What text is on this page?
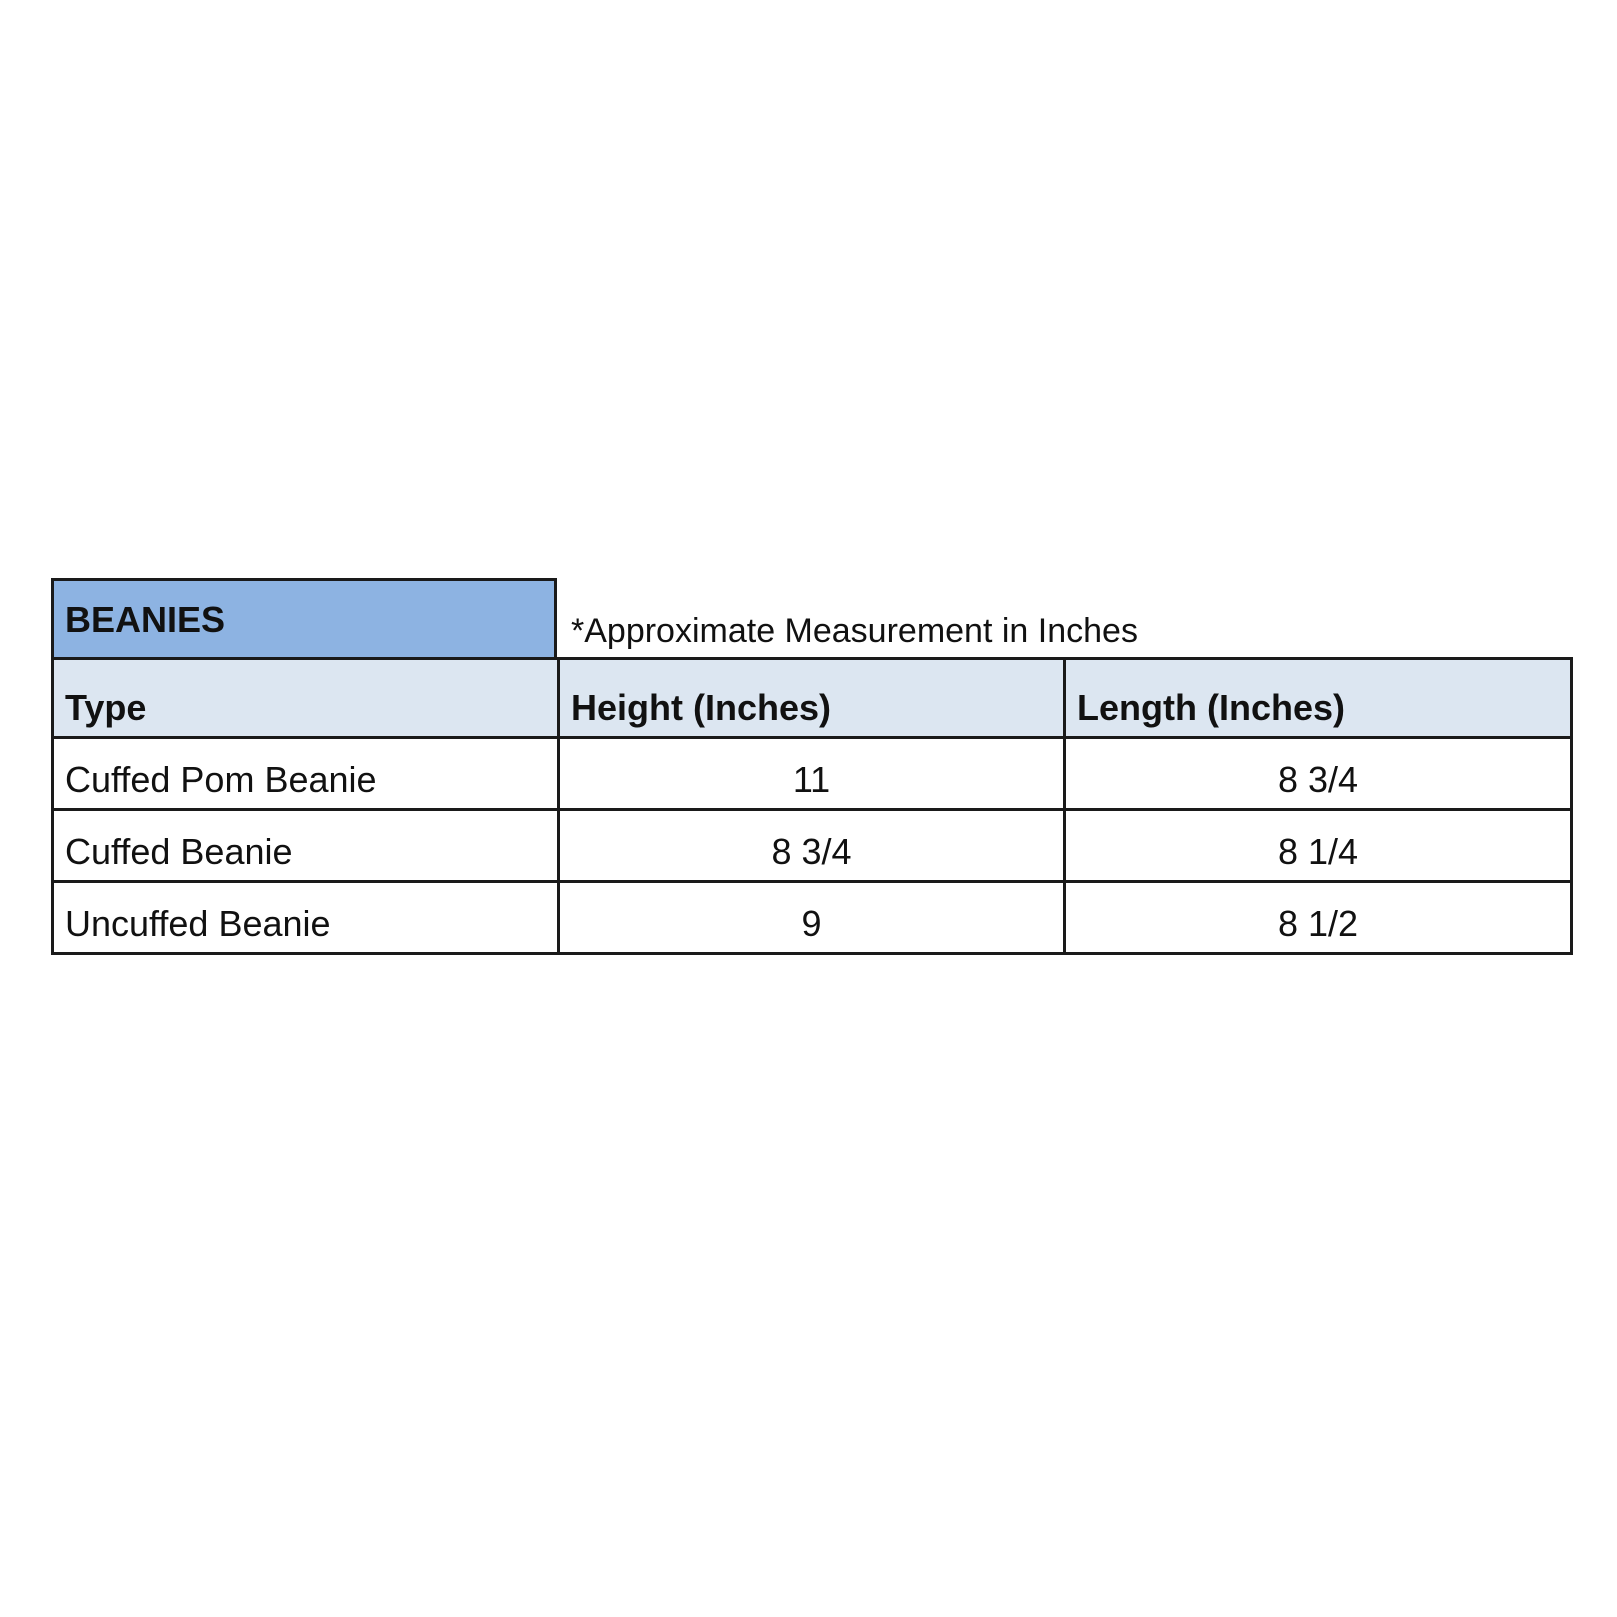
BEANIES	*Approximate Measurement in Inches
Type	Height (Inches)	Length (Inches)
Cuffed Pom Beanie	11	8 3/4
Cuffed Beanie	8 3/4	8 1/4
Uncuffed Beanie	9	8 1/2
